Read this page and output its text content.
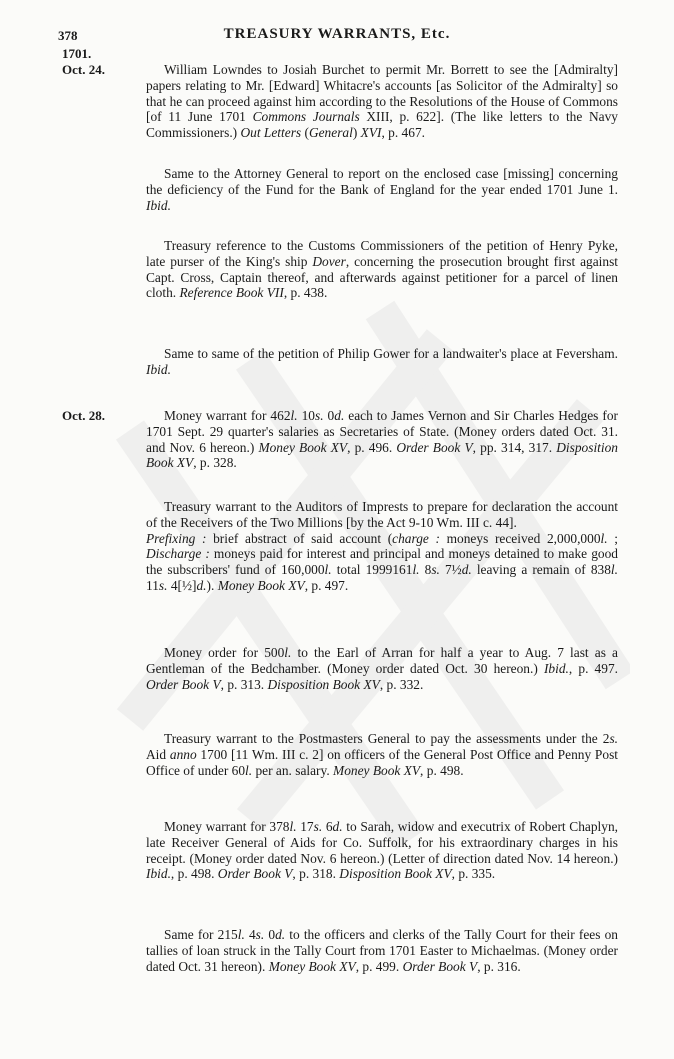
378	TREASURY WARRANTS, Etc.
1701.
Oct. 24.
Oct. 28.

William Lowndes to Josiah Burchet to permit Mr. Borrett to see the [Admiralty] papers relating to Mr. [Edward] Whitacre's accounts [as Solicitor of the Admiralty] so that he can proceed against him according to the Resolutions of the House of Commons [of 11 June 1701 Commons Journals XIII, p. 622]. (The like letters to the Navy Commissioners.) Out Letters (General) XVI, p. 467.

Same to the Attorney General to report on the enclosed case [missing] concerning the deficiency of the Fund for the Bank of England for the year ended 1701 June 1. Ibid.

Treasury reference to the Customs Commissioners of the petition of Henry Pyke, late purser of the King's ship Dover, concerning the prosecution brought first against Capt. Cross, Captain thereof, and afterwards against petitioner for a parcel of linen cloth. Reference Book VII, p. 438.

Same to same of the petition of Philip Gower for a landwaiter's place at Feversham. Ibid.

Money warrant for 462l. 10s. 0d. each to James Vernon and Sir Charles Hedges for 1701 Sept. 29 quarter's salaries as Secretaries of State. (Money orders dated Oct. 31. and Nov. 6 hereon.) Money Book XV, p. 496. Order Book V, pp. 314, 317. Disposition Book XV, p. 328.

Treasury warrant to the Auditors of Imprests to prepare for declaration the account of the Receivers of the Two Millions [by the Act 9-10 Wm. III c. 44].

Prefixing : brief abstract of said account (charge : moneys received 2,000,000l. ; Discharge : moneys paid for interest and principal and moneys detained to make good the subscribers' fund of 160,000l. total 1999161l. 8s. 7½d. leaving a remain of 838l. 11s. 4[½]d.). Money Book XV, p. 497.

Money order for 500l. to the Earl of Arran for half a year to Aug. 7 last as a Gentleman of the Bedchamber. (Money order dated Oct. 30 hereon.) Ibid., p. 497. Order Book V, p. 313. Disposition Book XV, p. 332.

Treasury warrant to the Postmasters General to pay the assessments under the 2s. Aid anno 1700 [11 Wm. III c. 2] on officers of the General Post Office and Penny Post Office of under 60l. per an. salary. Money Book XV, p. 498.

Money warrant for 378l. 17s. 6d. to Sarah, widow and executrix of Robert Chaplyn, late Receiver General of Aids for Co. Suffolk, for his extraordinary charges in his receipt. (Money order dated Nov. 6 hereon.) (Letter of direction dated Nov. 14 hereon.) Ibid., p. 498. Order Book V, p. 318. Disposition Book XV, p. 335.

Same for 215l. 4s. 0d. to the officers and clerks of the Tally Court for their fees on tallies of loan struck in the Tally Court from 1701 Easter to Michaelmas. (Money order dated Oct. 31 hereon). Money Book XV, p. 499. Order Book V, p. 316.
